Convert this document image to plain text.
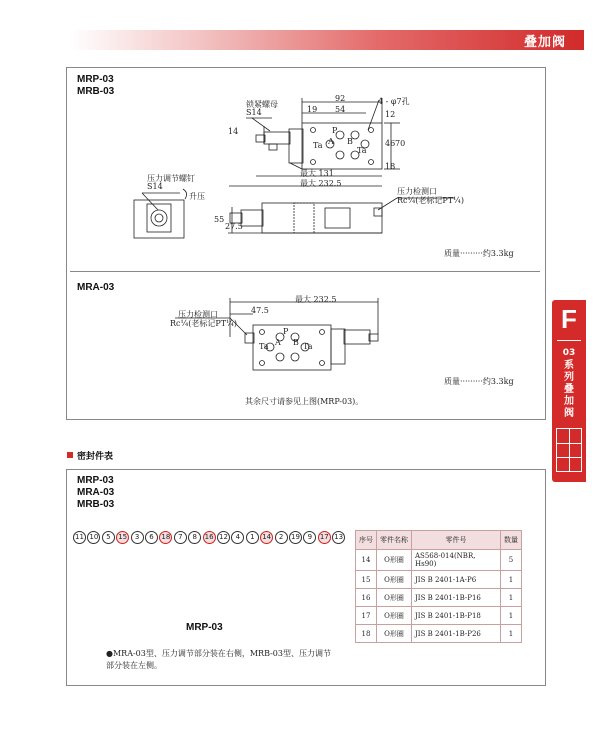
叠加阀
F
03
系
列
叠
加
阀
MRP-03
MRB-03
锁紧螺母
S14
92
19 54
4 - φ7孔
12
46 70
18
14
最大 131
最大 232.5
P
A B
Ta
Ta
压力调节螺钉
S14
升压
压力检测口
Rc¼(老标记PT¼)
55
27.5
质量·········约3.3kg
MRA-03
最大 232.5
47.5
压力检测口
Rc¼(老标记PT¼)
P
A B
Ta	Ta
质量·········约3.3kg
其余尺寸请参见上图(MRP-03)。
密封件表
MRP-03
MRA-03
MRB-03
11 10	5	15	3	6	18	7	8	16 12	4	1	14	2	19	9	17 13
MRP-03
●MRA-03型、压力调节部分装在右侧，MRB-03型、压力调节部分装在左侧。
序号	零件名称	零件号	数量
14	O形圈	AS568-014(NBR, Hs90)	5
15	O形圈	JIS B 2401-1A-P6	1
16	O形圈	JIS B 2401-1B-P16	1
17	O形圈	JIS B 2401-1B-P18	1
18	O形圈	JIS B 2401-1B-P26	1
